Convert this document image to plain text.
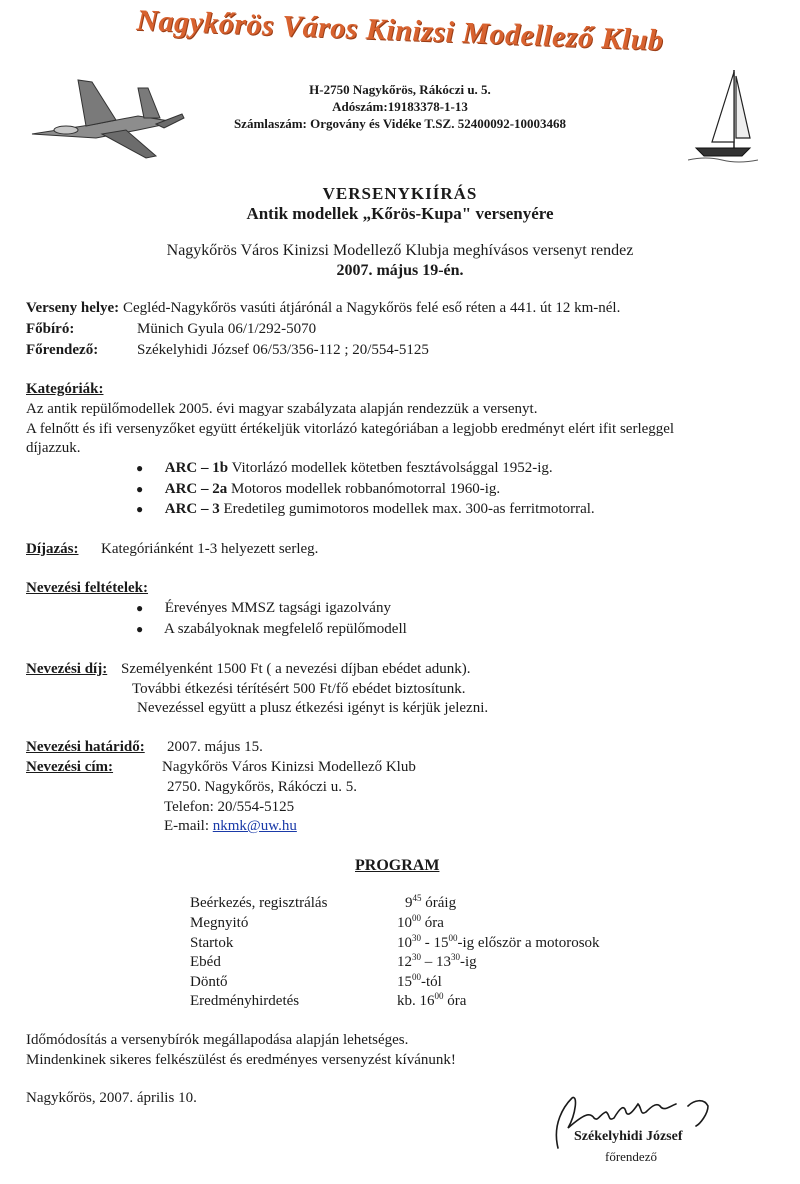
Nagykőrös Város Kinizsi Modellező Klub
H-2750 Nagykőrös, Rákóczi u. 5.
Adószám:19183378-1-13
Számlaszám: Orgovány és Vidéke T.SZ. 52400092-10003468
VERSENYKIÍRÁS
Antik modellek „Kőrös-Kupa" versenyére
Nagykőrös Város Kinizsi Modellező Klubja meghívásos versenyt rendez
2007. május 19-én.
Verseny helye: Cegléd-Nagykőrös vasúti átjárónál a Nagykőrös felé eső réten a 441. út 12 km-nél.
Főbíró:	Münich Gyula 06/1/292-5070
Főrendező:	Székelyhidi József 06/53/356-112 ; 20/554-5125
Kategóriák:
Az antik repülőmodellek 2005. évi magyar szabályzata alapján rendezzük a versenyt.
A felnőtt és ifi versenyzőket együtt értékeljük vitorlázó kategóriában a legjobb eredményt elért ifit serleggel
díjazzuk.
● ARC – 1b Vitorlázó modellek kötetben fesztávolsággal 1952-ig.
● ARC – 2a Motoros modellek robbanómotorral 1960-ig.
● ARC – 3 Eredetileg gumimotoros modellek max. 300-as ferritmotorral.
Díjazás: Kategóriánként 1-3 helyezett serleg.
Nevezési feltételek:
● Érevényes MMSZ tagsági igazolvány
● A szabályoknak megfelelő repülőmodell
Nevezési díj: Személyenként 1500 Ft ( a nevezési díjban ebédet adunk).
További étkezési térítésért 500 Ft/fő ebédet biztosítunk.
Nevezéssel együtt a plusz étkezési igényt is kérjük jelezni.
Nevezési határidő: 2007. május 15.
Nevezési cím:	Nagykőrös Város Kinizsi Modellező Klub
2750. Nagykőrös, Rákóczi u. 5.
Telefon: 20/554-5125
E-mail: nkmk@uw.hu
PROGRAM
Beérkezés, regisztrálás	$9^{45}$ óráig
Megnyitó	$10^{00}$ óra
Startok	$10^{30} - 15^{00}-ig$ először a motorosok
Ebéd	$12^{30} - 13^{30}-ig$
Döntő	$15^{00}$-tól
Eredményhirdetés	kb. $16^{00}$ óra
Időmódosítás a versenybírók megállapodása alapján lehetséges.
Mindenkinek sikeres felkészülést és eredményes versenyzést kívánunk!
Nagykőrös, 2007. április 10.
Székelyhidi József
főrendező
